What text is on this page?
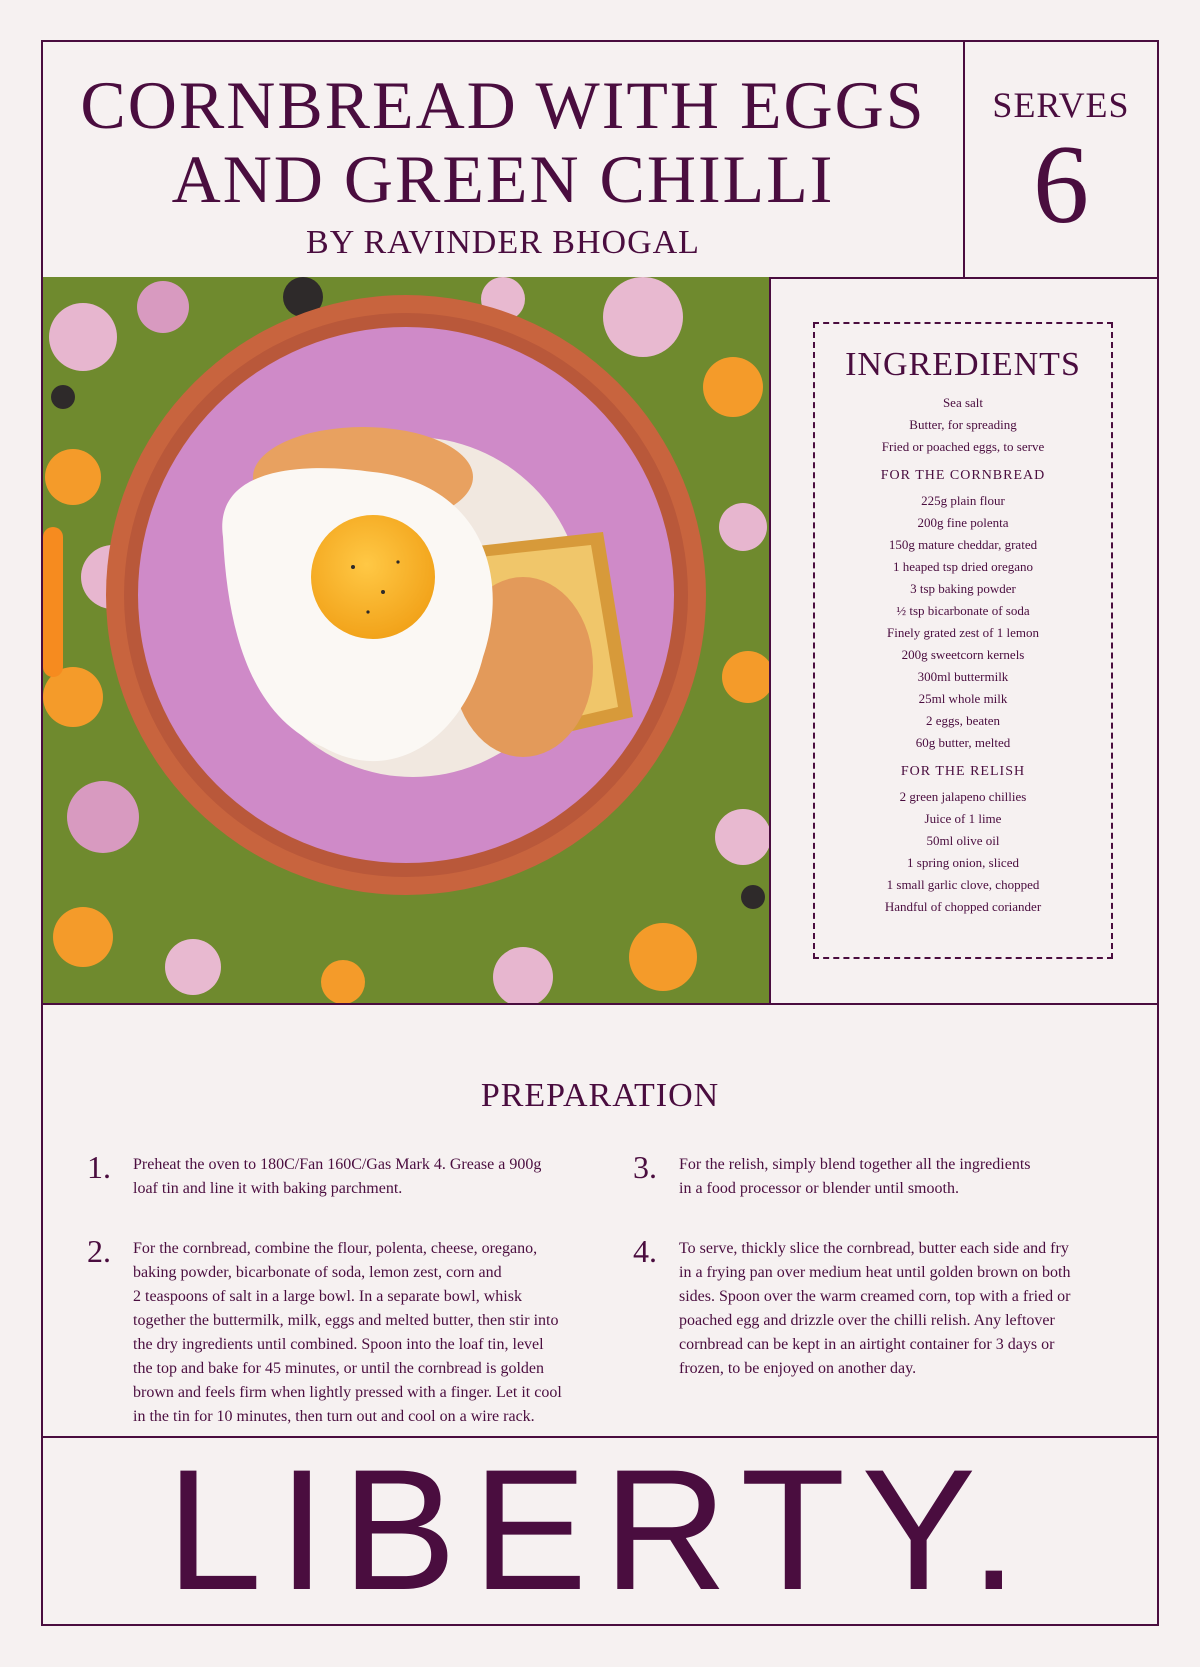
CORNBREAD WITH EGGS
AND GREEN CHILLI
BY RAVINDER BHOGAL
SERVES
6
INGREDIENTS
Sea salt
Butter, for spreading
Fried or poached eggs, to serve
FOR THE CORNBREAD
225g plain flour
200g fine polenta
150g mature cheddar, grated
1 heaped tsp dried oregano
3 tsp baking powder
½ tsp bicarbonate of soda
Finely grated zest of 1 lemon
200g sweetcorn kernels
300ml buttermilk
25ml whole milk
2 eggs, beaten
60g butter, melted
FOR THE RELISH
2 green jalapeno chillies
Juice of 1 lime
50ml olive oil
1 spring onion, sliced
1 small garlic clove, chopped
Handful of chopped coriander
PREPARATION
1. Preheat the oven to 180C/Fan 160C/Gas Mark 4. Grease a 900g
loaf tin and line it with baking parchment.
2. For the cornbread, combine the flour, polenta, cheese, oregano,
baking powder, bicarbonate of soda, lemon zest, corn and
2 teaspoons of salt in a large bowl. In a separate bowl, whisk
together the buttermilk, milk, eggs and melted butter, then stir into
the dry ingredients until combined. Spoon into the loaf tin, level
the top and bake for 45 minutes, or until the cornbread is golden
brown and feels firm when lightly pressed with a finger. Let it cool
in the tin for 10 minutes, then turn out and cool on a wire rack.
3. For the relish, simply blend together all the ingredients
in a food processor or blender until smooth.
4. To serve, thickly slice the cornbread, butter each side and fry
in a frying pan over medium heat until golden brown on both
sides. Spoon over the warm creamed corn, top with a fried or
poached egg and drizzle over the chilli relish. Any leftover
cornbread can be kept in an airtight container for 3 days or
frozen, to be enjoyed on another day.
LIBERTY.
